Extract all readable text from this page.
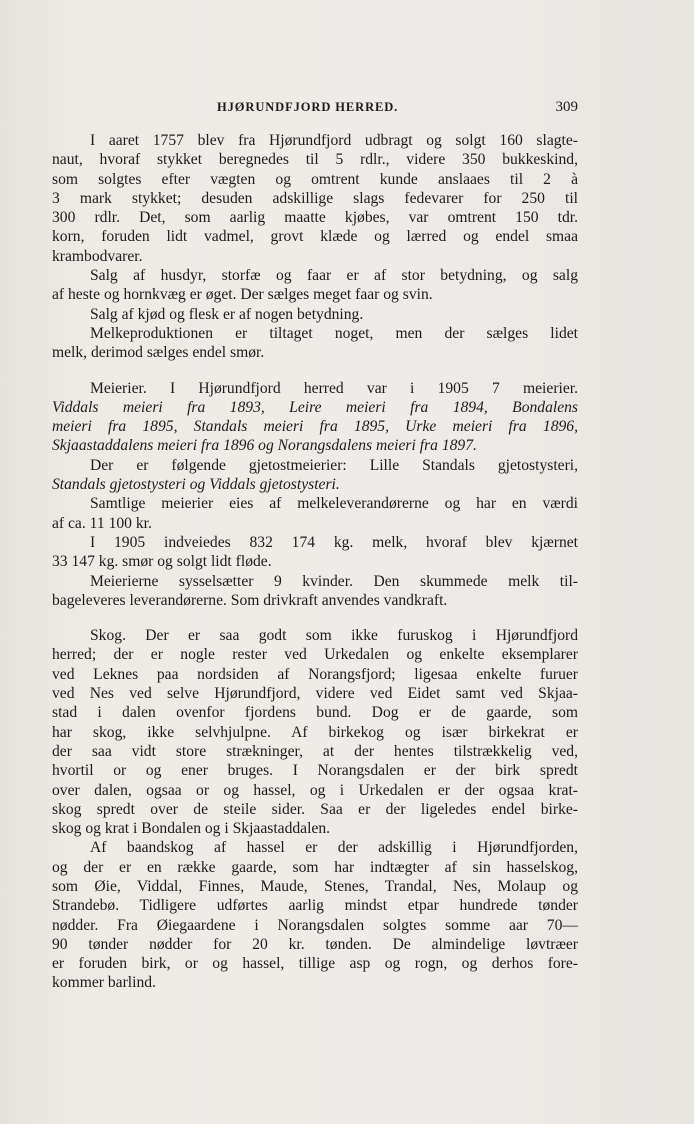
HJØRUNDFJORD HERRED.	309
I aaret 1757 blev fra Hjørundfjord udbragt og solgt 160 slagte-
naut, hvoraf stykket beregnedes til 5 rdlr., videre 350 bukkeskind,
som solgtes efter vægten og omtrent kunde anslaaes til 2 à
3 mark stykket; desuden adskillige slags fedevarer for 250 til
300 rdlr. Det, som aarlig maatte kjøbes, var omtrent 150 tdr.
korn, foruden lidt vadmel, grovt klæde og lærred og endel smaa
krambodvarer.
Salg af husdyr, storfæ og faar er af stor betydning, og salg
af heste og hornkvæg er øget. Der sælges meget faar og svin.
Salg af kjød og flesk er af nogen betydning.
Melkeproduktionen er tiltaget noget, men der sælges lidet
melk, derimod sælges endel smør.
Meierier. I Hjørundfjord herred var i 1905 7 meierier.
Viddals meieri fra 1893, Leire meieri fra 1894, Bondalens
meieri fra 1895, Standals meieri fra 1895, Urke meieri fra 1896,
Skjaastaddalens meieri fra 1896 og Norangsdalens meieri fra 1897.
Der er følgende gjetostmeierier: Lille Standals gjetostysteri,
Standals gjetostysteri og Viddals gjetostysteri.
Samtlige meierier eies af melkeleverandørerne og har en værdi
af ca. 11 100 kr.
I 1905 indveiedes 832 174 kg. melk, hvoraf blev kjærnet
33 147 kg. smør og solgt lidt fløde.
Meierierne sysselsætter 9 kvinder. Den skummede melk til-
bageleveres leverandørerne. Som drivkraft anvendes vandkraft.
Skog. Der er saa godt som ikke furuskog i Hjørundfjord
herred; der er nogle rester ved Urkedalen og enkelte eksemplarer
ved Leknes paa nordsiden af Norangsfjord; ligesaa enkelte furuer
ved Nes ved selve Hjørundfjord, videre ved Eidet samt ved Skjaa-
stad i dalen ovenfor fjordens bund. Dog er de gaarde, som
har skog, ikke selvhjulpne. Af birkekog og især birkekrat er
der saa vidt store strækninger, at der hentes tilstrækkelig ved,
hvortil or og ener bruges. I Norangsdalen er der birk spredt
over dalen, ogsaa or og hassel, og i Urkedalen er der ogsaa krat-
skog spredt over de steile sider. Saa er der ligeledes endel birke-
skog og krat i Bondalen og i Skjaastaddalen.
Af baandskog af hassel er der adskillig i Hjørundfjorden,
og der er en række gaarde, som har indtægter af sin hasselskog,
som Øie, Viddal, Finnes, Maude, Stenes, Trandal, Nes, Molaup og
Strandebø. Tidligere udførtes aarlig mindst etpar hundrede tønder
nødder. Fra Øiegaardene i Norangsdalen solgtes somme aar 70—
90 tønder nødder for 20 kr. tønden. De almindelige løvtræer
er foruden birk, or og hassel, tillige asp og rogn, og derhos fore-
kommer barlind.
